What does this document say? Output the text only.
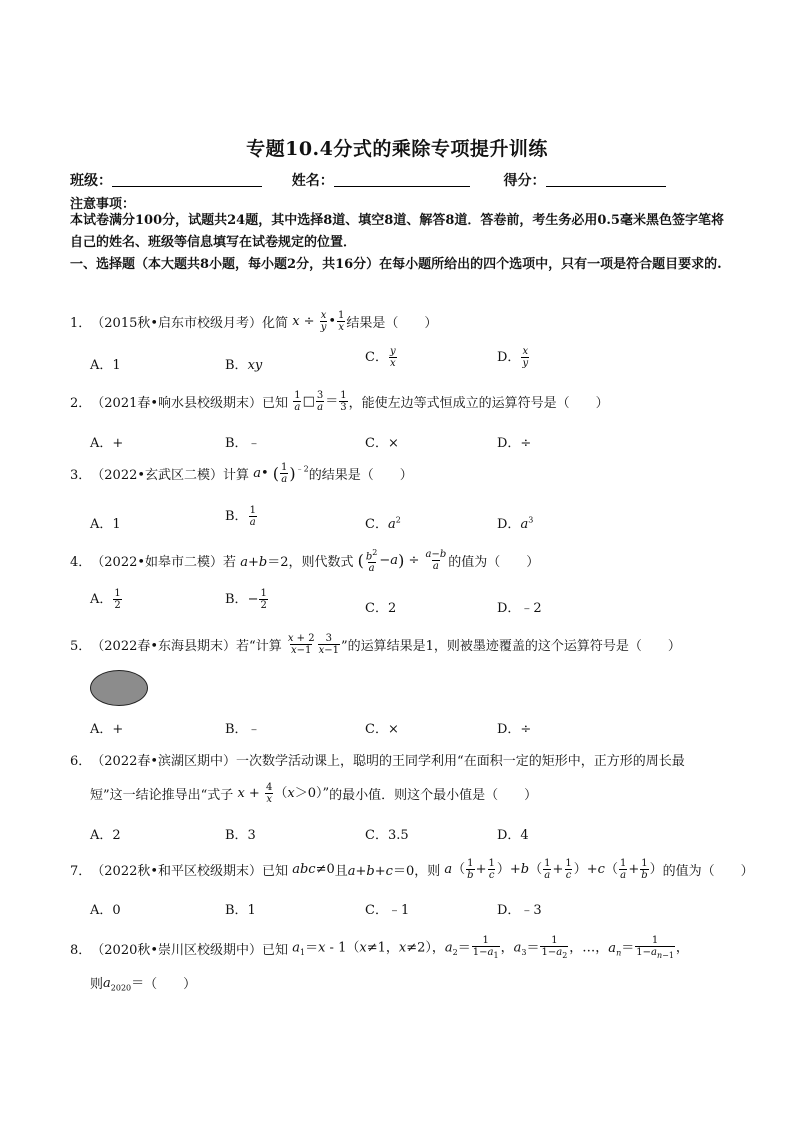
专题10.4分式的乘除专项提升训练
班级：	姓名：	得分：
注意事项：
本试卷满分100分，试题共24题，其中选择8道、填空8道、解答8道．答卷前，考生务必用0.5毫米黑色签字笔将自己的姓名、班级等信息填写在试卷规定的位置．
一、选择题（本大题共8小题，每小题2分，共16分）在每小题所给出的四个选项中，只有一项是符合题目要求的.
1．（2015秋•启东市校级月考）化简 $x \div \frac{x}{y}$ • $\frac{1}{x}$ 结果是（　　）
A．1	B．xy
C． $\frac{y}{x}$	D． $\frac{x}{y}$
2．（2021春•响水县校级期末）已知 $\frac{1}{a}$ □ $\frac{3}{a} = \frac{1}{3}$ ，能使左边等式恒成立的运算符号是（　　）
A．+	B．﹣	C．×	D．÷
3．（2022•玄武区二模）计算 a• ( $\frac{1}{a} )^{﹣2}$的结果是（　　）
A．1
B． $\frac{1}{a}$	C．$a^2$	D．$a^3$
4．（2022•如皋市二模）若 a+b＝2，则代数式 ( $\frac{b^2}{a} -a) \div \frac{a-b}{a}$ 的值为（　　）
A． $\frac{1}{2}$	B．− $\frac{1}{2}$	C．2	D．﹣2
5．（2022春•东海县期末）若“计算 $\frac{x + 2}{x-1} \frac{3}{x-1}$ ”的运算结果是1，则被墨迹覆盖的这个运算符号是（　　）
A．+	B．﹣	C．×	D．÷
6．（2022春•滨湖区期中）一次数学活动课上，聪明的王同学利用“在面积一定的矩形中，正方形的周长最
短”这一结论推导出“式子 $x + \frac{4}{x} (x>0)$”的最小值．则这个最小值是（　　）
A．2	B．3	C．3.5	D．4
7．（2022秋•和平区校级期末）已知 abc≠0且a+b+c＝0，则 $a( \frac{1}{b} + \frac{1}{c} )+b( \frac{1}{a} + \frac{1}{c} )+c( \frac{1}{a} + \frac{1}{b}$ ）的值为（　　）
A．0	B．1	C．﹣1	D．﹣3
8．（2020秋•崇川区校级期中）已知 $a_1=x - 1(x\ne 1$，x≠2），$a_2= \frac{1}{1-a_1}$ ，$a_3= \frac{1}{1-a_2}$ ，…，$a_n= \frac{1}{1-a_{n-1}}$ ，
则$a_{2020}=$（　　）
